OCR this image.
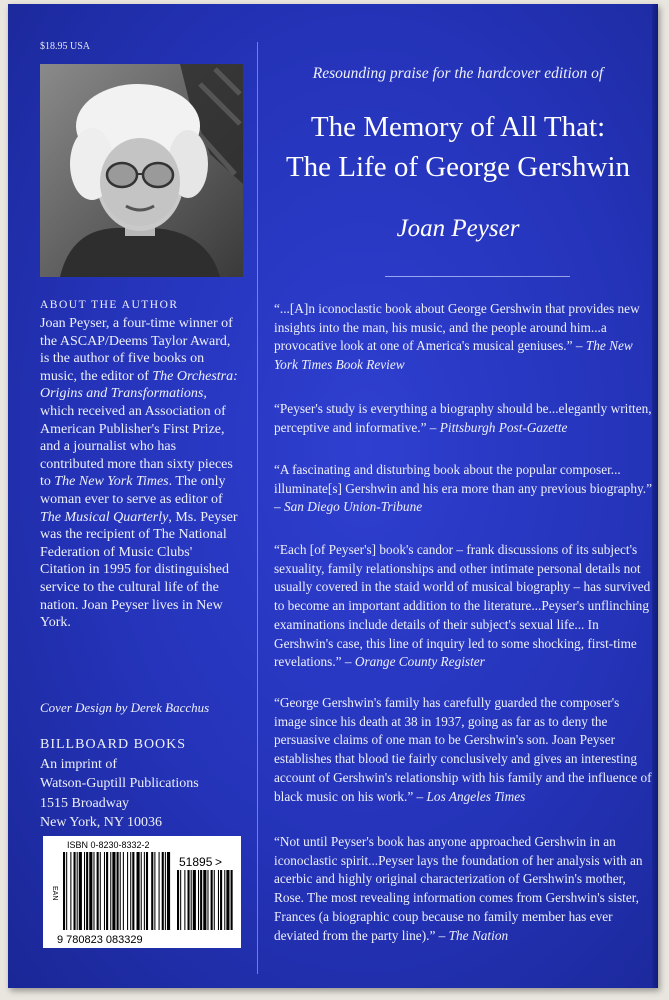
$18.95 USA
ABOUT THE AUTHOR
Joan Peyser, a four-time winner of the ASCAP/Deems Taylor Award, is the author of five books on music, the editor of The Orchestra: Origins and Transformations, which received an Association of American Publisher's First Prize, and a journalist who has contributed more than sixty pieces to The New York Times. The only woman ever to serve as editor of The Musical Quarterly, Ms. Peyser was the recipient of The National Federation of Music Clubs' Citation in 1995 for distinguished service to the cultural life of the nation. Joan Peyser lives in New York.
Cover Design by Derek Bacchus
BILLBOARD BOOKS
An imprint of
Watson-Guptill Publications
1515 Broadway
New York, NY 10036
ISBN 0-8230-8332-2
51895 >
EAN
9 780823 083329
Resounding praise for the hardcover edition of
The Memory of All That:
The Life of George Gershwin
Joan Peyser
“...[A]n iconoclastic book about George Gershwin that provides new insights into the man, his music, and the people around him...a provocative look at one of America's musical geniuses.” – The New York Times Book Review
“Peyser's study is everything a biography should be...elegantly written, perceptive and informative.” – Pittsburgh Post-Gazette
“A fascinating and disturbing book about the popular composer... illuminate[s] Gershwin and his era more than any previous biography.” – San Diego Union-Tribune
“Each [of Peyser's] book's candor – frank discussions of its subject's sexuality, family relationships and other intimate personal details not usually covered in the staid world of musical biography – has survived to become an important addition to the literature...Peyser's unflinching examinations include details of their subject's sexual life... In Gershwin's case, this line of inquiry led to some shocking, first-time revelations.” – Orange County Register
“George Gershwin's family has carefully guarded the composer's image since his death at 38 in 1937, going as far as to deny the persuasive claims of one man to be Gershwin's son. Joan Peyser establishes that blood tie fairly conclusively and gives an interesting account of Gershwin's relationship with his family and the influence of black music on his work.” – Los Angeles Times
“Not until Peyser's book has anyone approached Gershwin in an iconoclastic spirit...Peyser lays the foundation of her analysis with an acerbic and highly original characterization of Gershwin's mother, Rose. The most revealing information comes from Gershwin's sister, Frances (a biographic coup because no family member has ever deviated from the party line).” – The Nation
